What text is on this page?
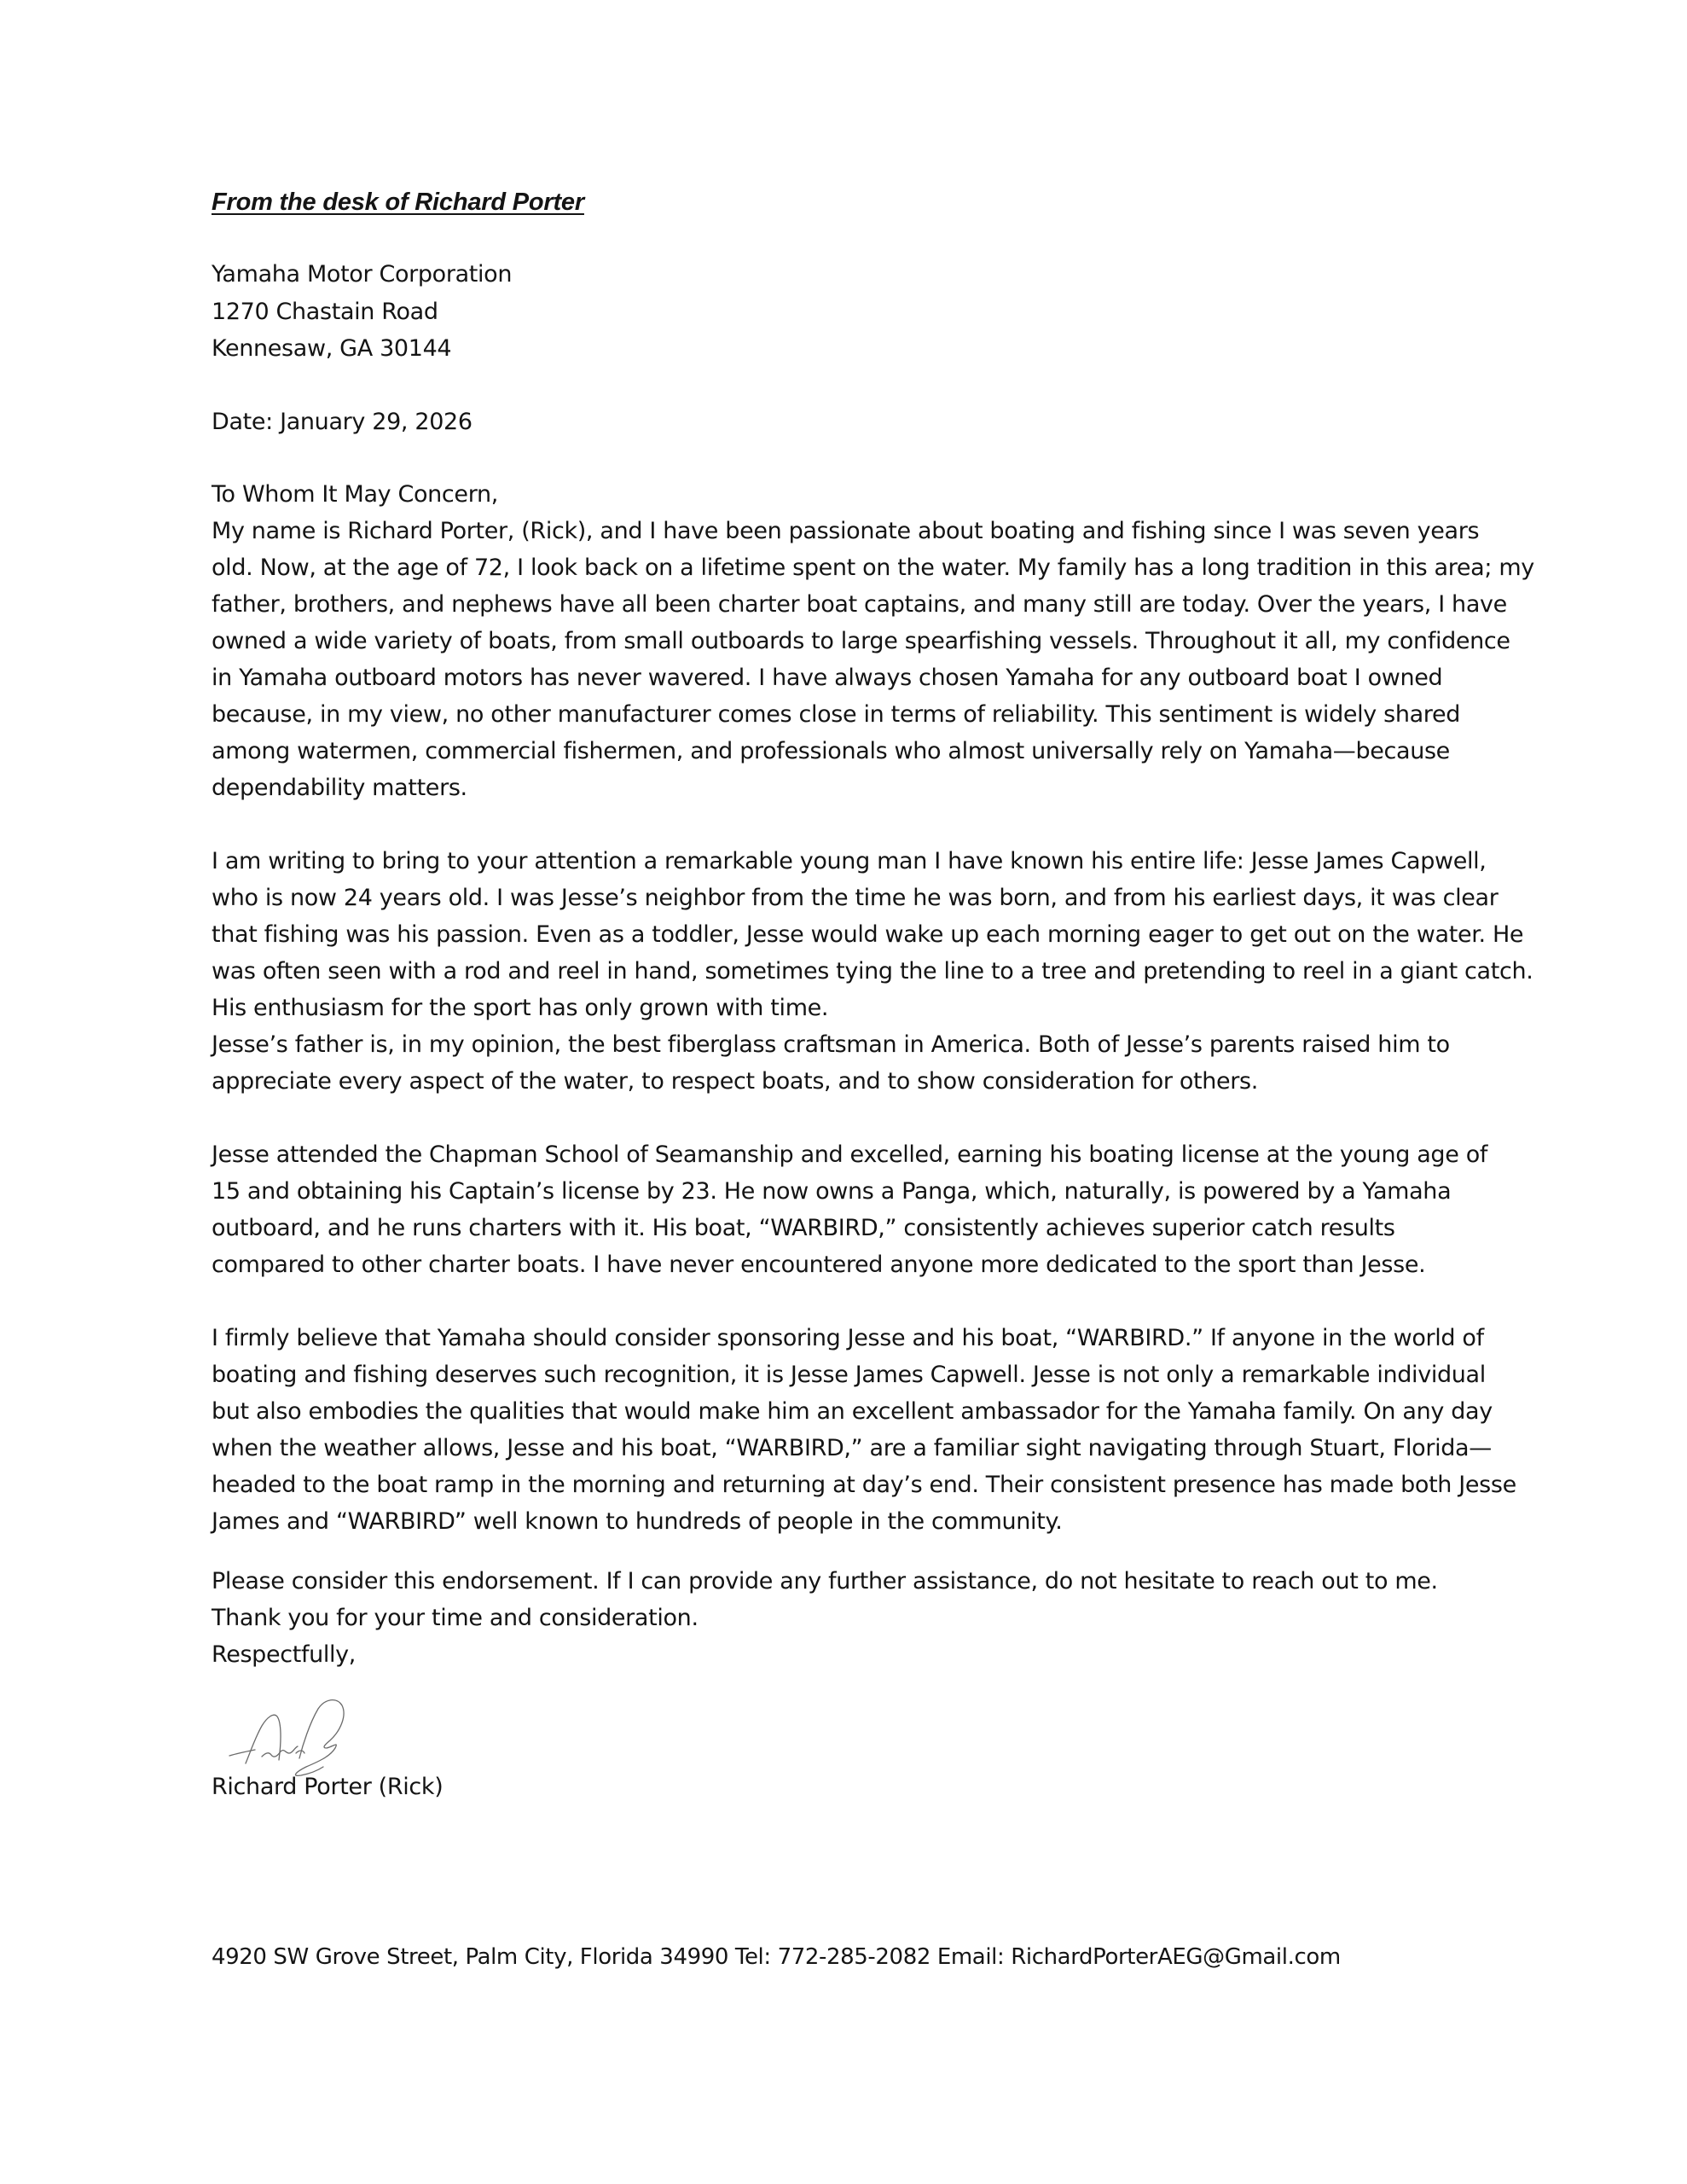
From the desk of Richard Porter
Yamaha Motor Corporation
1270 Chastain Road
Kennesaw, GA 30144
Date: January 29, 2026
To Whom It May Concern,
My name is Richard Porter, (Rick), and I have been passionate about boating and fishing since I was seven years
old. Now, at the age of 72, I look back on a lifetime spent on the water. My family has a long tradition in this area; my
father, brothers, and nephews have all been charter boat captains, and many still are today. Over the years, I have
owned a wide variety of boats, from small outboards to large spearfishing vessels. Throughout it all, my confidence
in Yamaha outboard motors has never wavered. I have always chosen Yamaha for any outboard boat I owned
because, in my view, no other manufacturer comes close in terms of reliability. This sentiment is widely shared
among watermen, commercial fishermen, and professionals who almost universally rely on Yamaha—because
dependability matters.
I am writing to bring to your attention a remarkable young man I have known his entire life: Jesse James Capwell,
who is now 24 years old. I was Jesse’s neighbor from the time he was born, and from his earliest days, it was clear
that fishing was his passion. Even as a toddler, Jesse would wake up each morning eager to get out on the water. He
was often seen with a rod and reel in hand, sometimes tying the line to a tree and pretending to reel in a giant catch.
His enthusiasm for the sport has only grown with time.
Jesse’s father is, in my opinion, the best fiberglass craftsman in America. Both of Jesse’s parents raised him to
appreciate every aspect of the water, to respect boats, and to show consideration for others.
Jesse attended the Chapman School of Seamanship and excelled, earning his boating license at the young age of
15 and obtaining his Captain’s license by 23. He now owns a Panga, which, naturally, is powered by a Yamaha
outboard, and he runs charters with it. His boat, “WARBIRD,” consistently achieves superior catch results
compared to other charter boats. I have never encountered anyone more dedicated to the sport than Jesse.
I firmly believe that Yamaha should consider sponsoring Jesse and his boat, “WARBIRD.” If anyone in the world of
boating and fishing deserves such recognition, it is Jesse James Capwell. Jesse is not only a remarkable individual
but also embodies the qualities that would make him an excellent ambassador for the Yamaha family. On any day
when the weather allows, Jesse and his boat, “WARBIRD,” are a familiar sight navigating through Stuart, Florida—
headed to the boat ramp in the morning and returning at day’s end. Their consistent presence has made both Jesse
James and “WARBIRD” well known to hundreds of people in the community.
Please consider this endorsement. If I can provide any further assistance, do not hesitate to reach out to me.
Thank you for your time and consideration.
Respectfully,
Richard Porter (Rick)
4920 SW Grove Street, Palm City, Florida 34990 Tel: 772-285-2082 Email: RichardPorterAEG@Gmail.com
